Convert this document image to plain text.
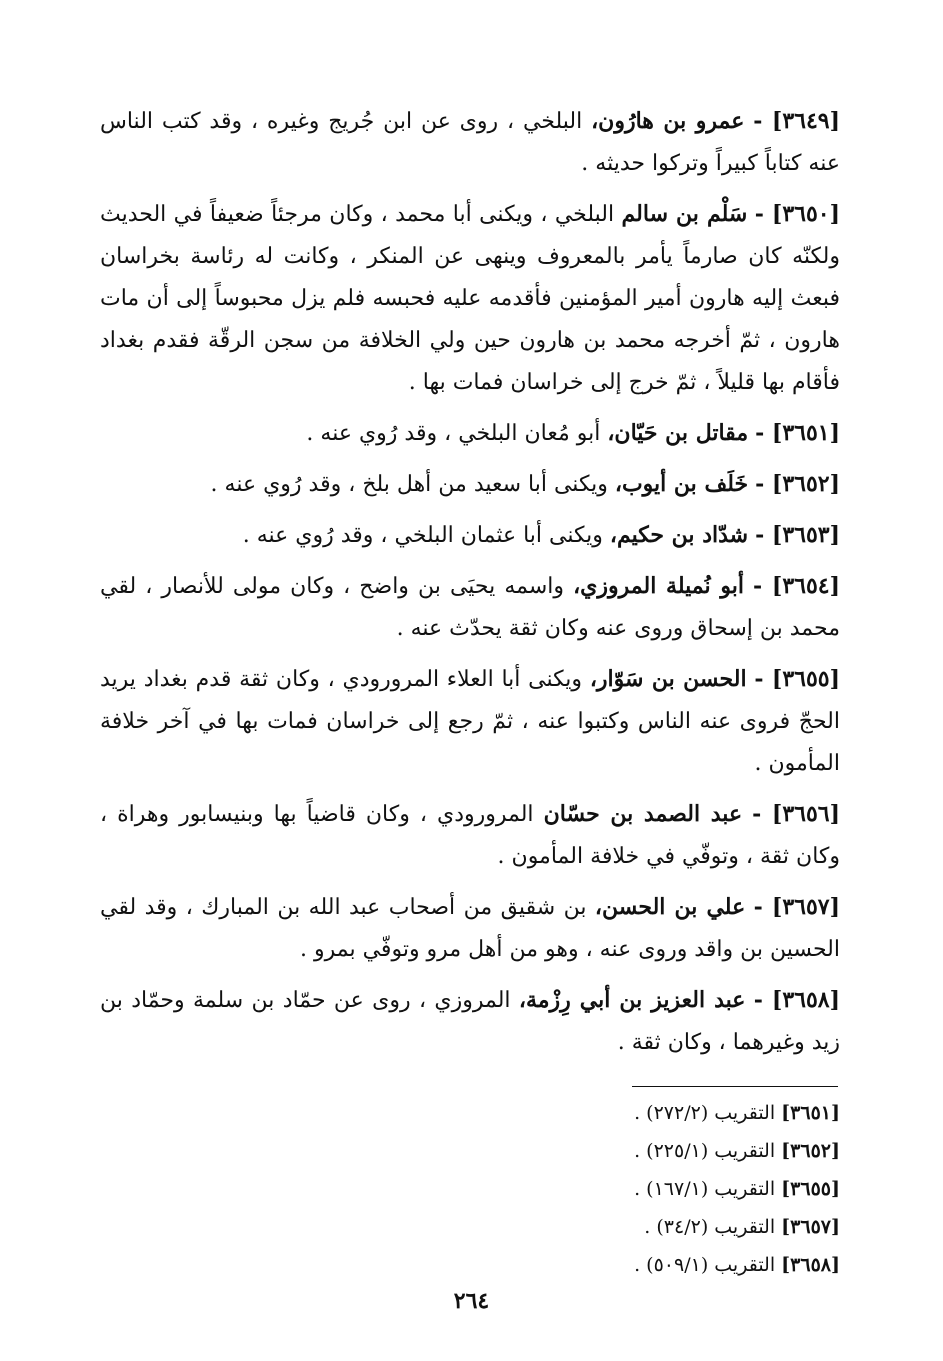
[٣٦٤٩] - عمرو بن هارُون، البلخي ، روى عن ابن جُريج وغيره ، وقد كتب الناس عنه كتاباً كبيراً وتركوا حديثه .

[٣٦٥٠] - سَلْم بن سالم البلخي ، ويكنى أبا محمد ، وكان مرجئاً ضعيفاً في الحديث ولكنّه كان صارماً يأمر بالمعروف وينهى عن المنكر ، وكانت له رئاسة بخراسان فبعث إليه هارون أمير المؤمنين فأقدمه عليه فحبسه فلم يزل محبوساً إلى أن مات هارون ، ثمّ أخرجه محمد بن هارون حين ولي الخلافة من سجن الرقّة فقدم بغداد فأقام بها قليلاً ، ثمّ خرج إلى خراسان فمات بها .

[٣٦٥١] - مقاتل بن حَيّان، أبو مُعان البلخي ، وقد رُوي عنه .

[٣٦٥٢] - خَلَف بن أيوب، ويكنى أبا سعيد من أهل بلخ ، وقد رُوي عنه .

[٣٦٥٣] - شدّاد بن حكيم، ويكنى أبا عثمان البلخي ، وقد رُوي عنه .

[٣٦٥٤] - أبو نُميلة المروزي، واسمه يحيَى بن واضح ، وكان مولى للأنصار ، لقي محمد بن إسحاق وروى عنه وكان ثقة يحدّث عنه .

[٣٦٥٥] - الحسن بن سَوّار، ويكنى أبا العلاء المرورودي ، وكان ثقة قدم بغداد يريد الحجّ فروى عنه الناس وكتبوا عنه ، ثمّ رجع إلى خراسان فمات بها في آخر خلافة المأمون .

[٣٦٥٦] - عبد الصمد بن حسّان المرورودي ، وكان قاضياً بها وبنيسابور وهراة ، وكان ثقة ، وتوفّي في خلافة المأمون .

[٣٦٥٧] - علي بن الحسن، بن شقيق من أصحاب عبد الله بن المبارك ، وقد لقي الحسين بن واقد وروى عنه ، وهو من أهل مرو وتوفّي بمرو .

[٣٦٥٨] - عبد العزيز بن أبي رِزْمة، المروزي ، روى عن حمّاد بن سلمة وحمّاد بن زيد وغيرهما ، وكان ثقة .

[٣٦٥١] التقريب (٢٧٢/٢) .
[٣٦٥٢] التقريب (٢٢٥/١) .
[٣٦٥٥] التقريب (١٦٧/١) .
[٣٦٥٧] التقريب (٣٤/٢) .
[٣٦٥٨] التقريب (٥٠٩/١) .
٢٦٤
